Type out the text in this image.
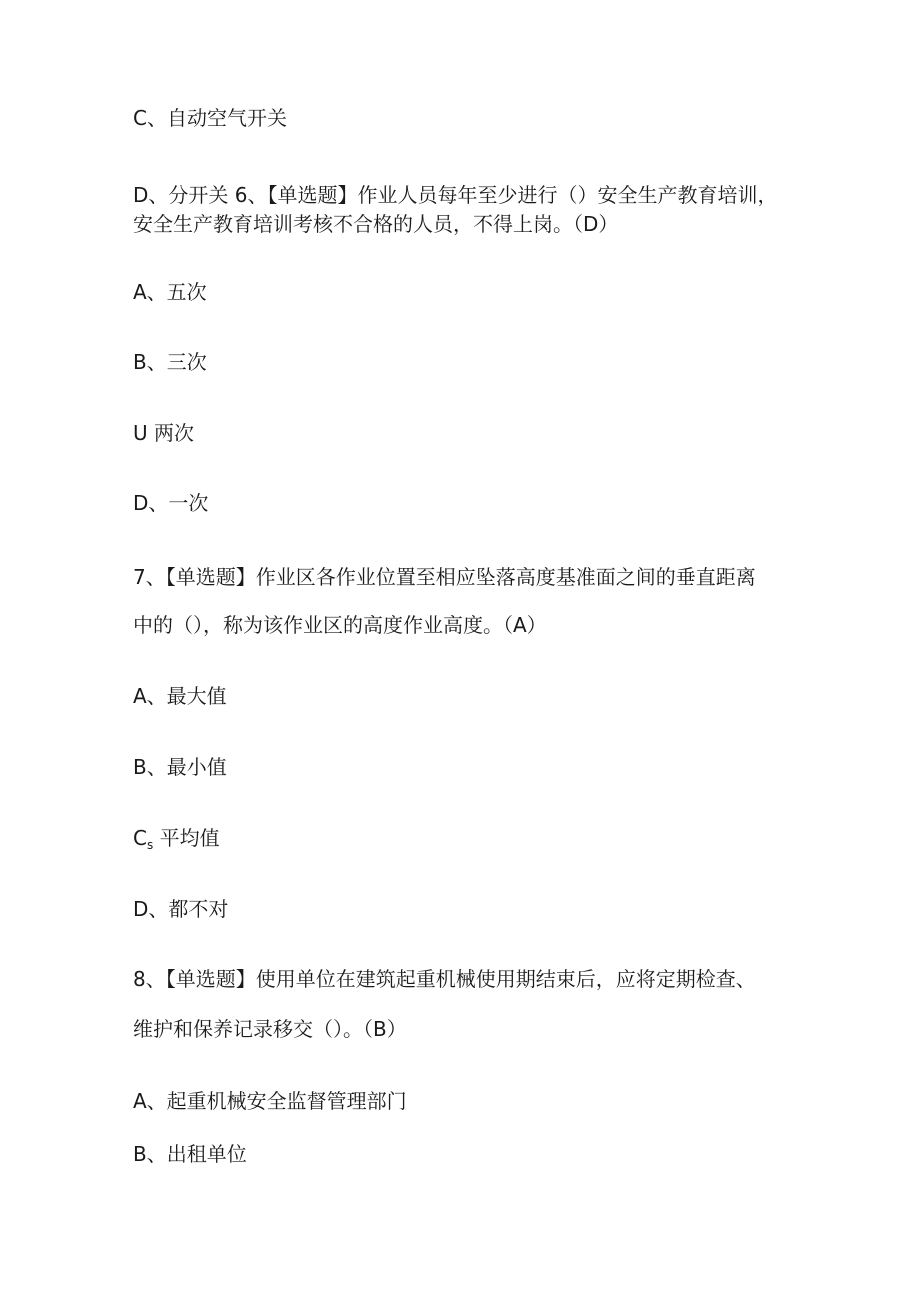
C、自动空气开关
D、分开关 6、【单选题】作业人员每年至少进行（）安全生产教育培训，
安全生产教育培训考核不合格的人员，不得上岗。（D）
A、五次
B、三次
U 两次
D、一次
7、【单选题】作业区各作业位置至相应坠落高度基准面之间的垂直距离
中的（），称为该作业区的高度作业高度。（A）
A、最大值
B、最小值
$C_s$ 平均值
D、都不对
8、【单选题】使用单位在建筑起重机械使用期结束后，应将定期检查、
维护和保养记录移交（）。（B）
A、起重机械安全监督管理部门
B、出租单位
